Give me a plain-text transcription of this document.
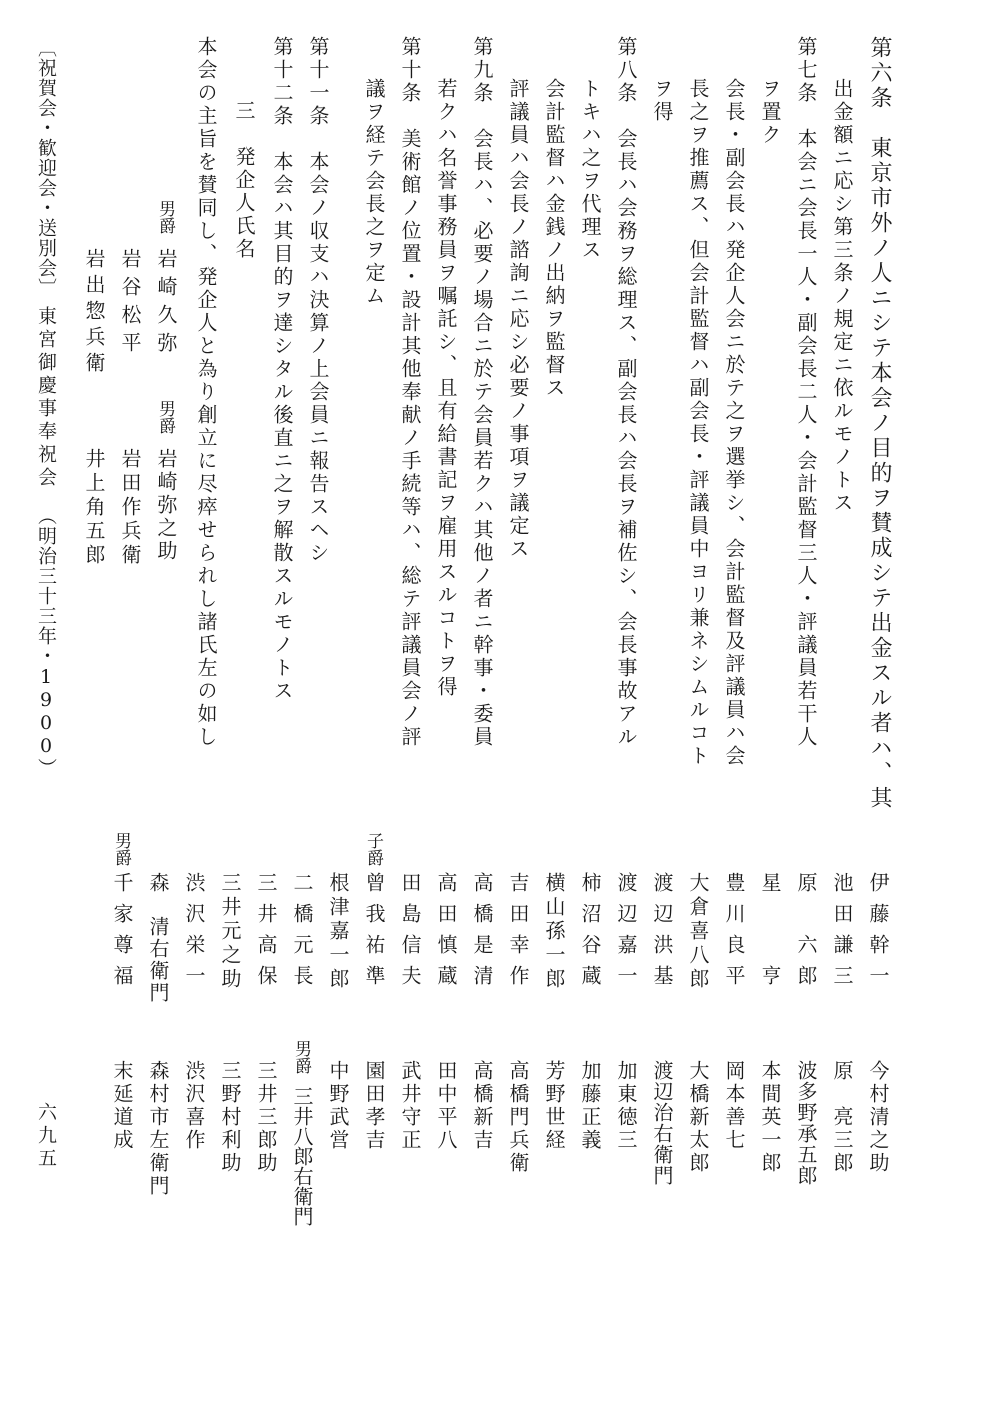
第六条　東京市外ノ人ニシテ本会ノ目的ヲ賛成シテ出金スル者ハ、其
出金額ニ応シ第三条ノ規定ニ依ルモノトス
第七条　本会ニ会長一人・副会長二人・会計監督三人・評議員若干人
ヲ置ク
会長・副会長ハ発企人会ニ於テ之ヲ選挙シ、会計監督及評議員ハ会
長之ヲ推薦ス、但会計監督ハ副会長・評議員中ヨリ兼ネシムルコト
ヲ得
第八条　会長ハ会務ヲ総理ス、副会長ハ会長ヲ補佐シ、会長事故アル
トキハ之ヲ代理ス
会計監督ハ金銭ノ出納ヲ監督ス
評議員ハ会長ノ諮詢ニ応シ必要ノ事項ヲ議定ス
第九条　会長ハ、必要ノ場合ニ於テ会員若クハ其他ノ者ニ幹事・委員
若クハ名誉事務員ヲ嘱託シ、且有給書記ヲ雇用スルコトヲ得
第十条　美術館ノ位置・設計其他奉献ノ手続等ハ、総テ評議員会ノ評
議ヲ経テ会長之ヲ定ム
第十一条　本会ノ収支ハ決算ノ上会員ニ報告スヘシ
第十二条　本会ハ其目的ヲ達シタル後直ニ之ヲ解散スルモノトス
三　発企人氏名
本会の主旨を賛同し、発企人と為り創立に尽瘁せられし諸氏左の如し
男爵
岩崎久弥
男爵
岩崎弥之助
岩谷松平
岩田作兵衛
岩出惣兵衛
井上角五郎
〔祝賀会・歓迎会・送別会〕
東宮御慶事奉祝会
（明治三十三年・1900）
伊藤幹一
池田謙三
原　六郎
星　　亨
豊川良平
大倉喜八郎
渡辺洪基
渡辺嘉一
柿沼谷蔵
横山孫一郎
吉田幸作
高橋是清
高田慎蔵
田島信夫
子爵
曾我祐準
根津嘉一郎
二橋元長
三井高保
三井元之助
渋沢栄一
森　清右衛門
男爵
千家尊福
今村清之助
原　亮三郎
波多野承五郎
本間英一郎
岡本善七
大橋新太郎
渡辺治右衛門
加東徳三
加藤正義
芳野世経
高橋門兵衛
高橋新吉
田中平八
武井守正
園田孝吉
中野武営
男爵
三井八郎右衛門
三井三郎助
三野村利助
渋沢喜作
森村市左衛門
末延道成
六九五
